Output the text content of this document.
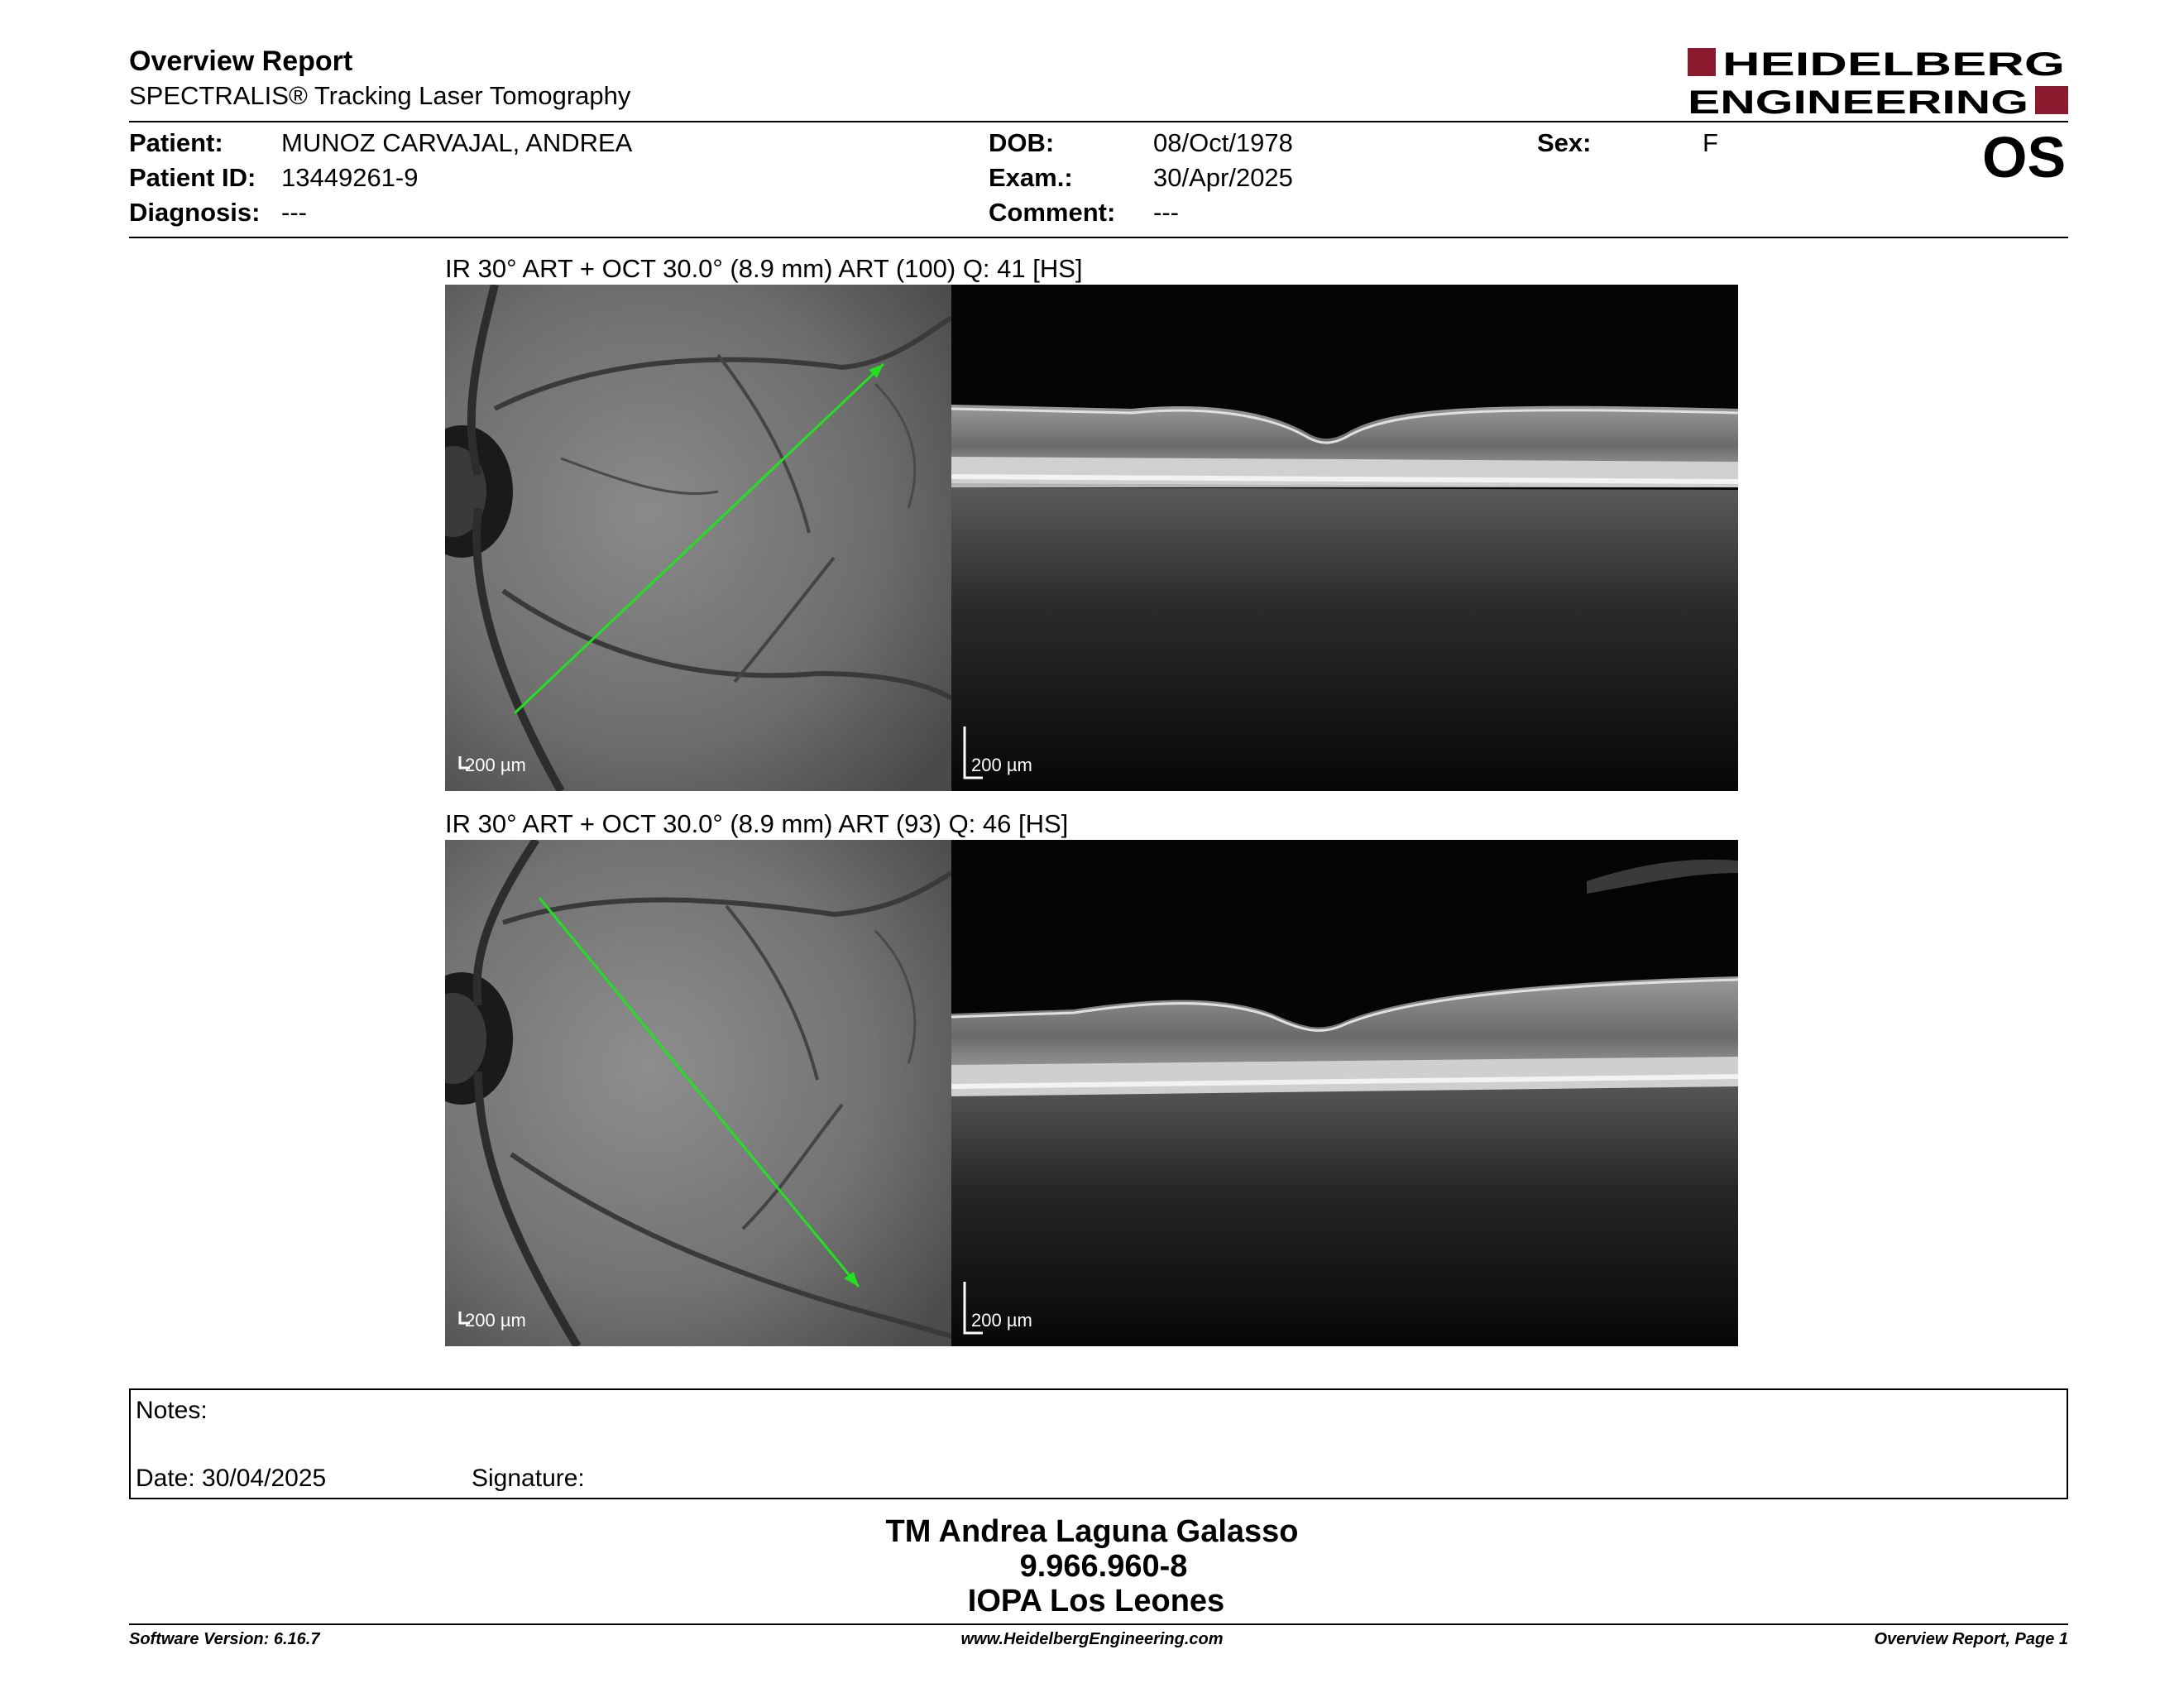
Overview Report
SPECTRALIS® Tracking Laser Tomography
HEIDELBERG
ENGINEERING
Patient: MUNOZ CARVAJAL, ANDREA
Patient ID: 13449261-9
Diagnosis: ---
DOB:	08/Oct/1978
Exam.:	30/Apr/2025
Comment: ---
Sex:	F	OS
IR 30° ART + OCT 30.0° (8.9 mm) ART (100) Q: 41 [HS]
200 µm	200 µm
IR 30° ART + OCT 30.0° (8.9 mm) ART (93) Q: 46 [HS]
200 µm	200 µm
Notes:
Date: 30/04/2025	Signature:
TM Andrea Laguna Galasso
9.966.960-8
IOPA Los Leones
Software Version: 6.16.7	www.HeidelbergEngineering.com	Overview Report, Page 1
